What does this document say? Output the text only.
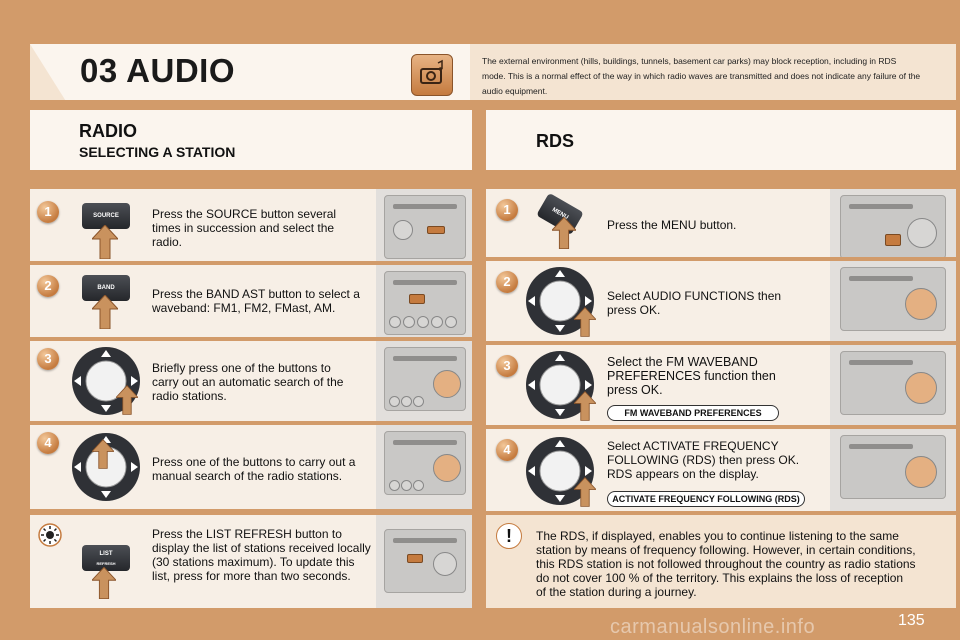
03 AUDIO	The external environment (hills, buildings, tunnels, basement car parks) may block reception, including in RDS mode. This is a normal effect of the way in which radio waves are transmitted and does not indicate any failure of the audio equipment.
RADIO
SELECTING A STATION
RDS
1	SOURCE	Press the SOURCE button several times in succession and select the radio.
2	BAND	Press the BAND AST button to select a waveband: FM1, FM2, FMast, AM.
3
Briefly press one of the buttons to carry out an automatic search of the radio stations.
4
Press one of the buttons to carry out a manual search of the radio stations.
LIST
REFRESH
Press the LIST REFRESH button to display the list of stations received locally (30 stations maximum). To update this list, press for more than two seconds.
1	MENU
Press the MENU button.
2
Select AUDIO FUNCTIONS then press OK.
3	Select the FM WAVEBAND PREFERENCES function then press OK.
FM WAVEBAND PREFERENCES
4	Select ACTIVATE FREQUENCY FOLLOWING (RDS) then press OK. RDS appears on the display.
ACTIVATE FREQUENCY FOLLOWING (RDS)
!	The RDS, if displayed, enables you to continue listening to the same station by means of frequency following. However, in certain conditions, this RDS station is not followed throughout the country as radio stations do not cover 100 % of the territory. This explains the loss of reception of the station during a journey.
135
carmanualsonline.info
